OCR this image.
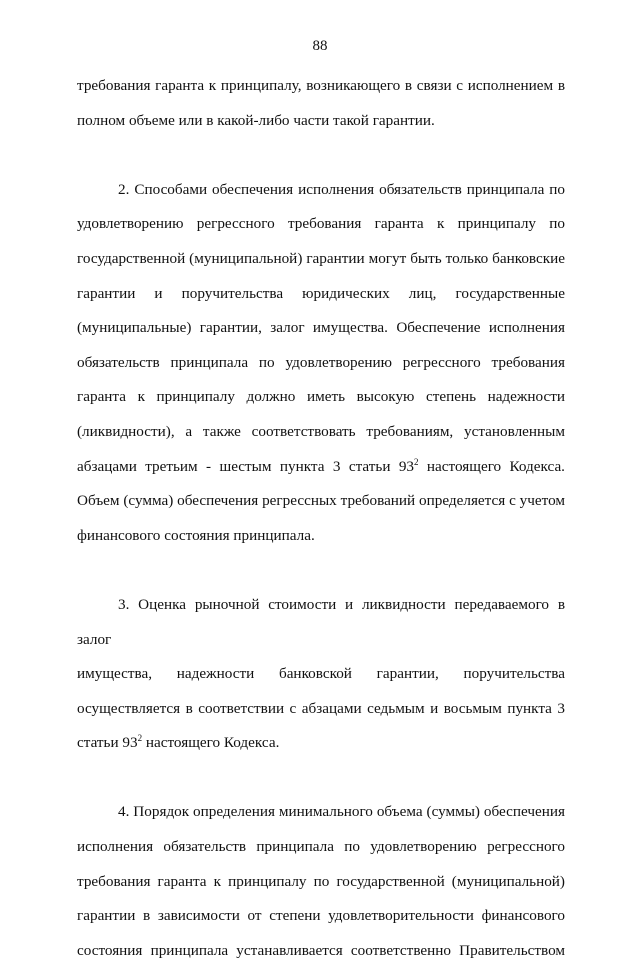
88

требования гаранта к принципалу, возникающего в связи с исполнением в

полном объеме или в какой-либо части такой гарантии.

2. Способами обеспечения исполнения обязательств принципала по

удовлетворению регрессного требования гаранта к принципалу по

государственной (муниципальной) гарантии могут быть только банковские

гарантии и поручительства юридических лиц, государственные

(муниципальные) гарантии, залог имущества. Обеспечение исполнения

обязательств принципала по удовлетворению регрессного требования

гаранта к принципалу должно иметь высокую степень надежности

(ликвидности), а также соответствовать требованиям, установленным

абзацами третьим - шестым пункта 3 статьи $93^2$ настоящего Кодекса.

Объем (сумма) обеспечения регрессных требований определяется с учетом

финансового состояния принципала.

3. Оценка рыночной стоимости и ликвидности передаваемого в залог

имущества, надежности банковской гарантии, поручительства

осуществляется в соответствии с абзацами седьмым и восьмым пункта 3

статьи $93^2$ настоящего Кодекса.

4. Порядок определения минимального объема (суммы) обеспечения

исполнения обязательств принципала по удовлетворению регрессного

требования гаранта к принципалу по государственной (муниципальной)

гарантии в зависимости от степени удовлетворительности финансового

состояния принципала устанавливается соответственно Правительством
